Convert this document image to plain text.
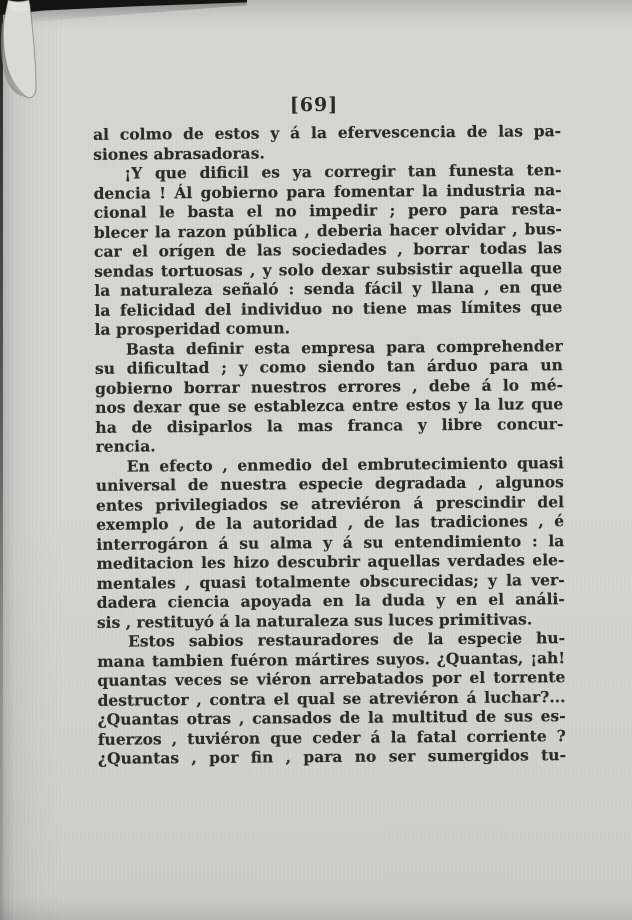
[69]
al colmo de estos y á la efervescencia de las pa-
siones abrasadoras.
¡Y que dificil es ya corregir tan funesta ten-
dencia ! Ál gobierno para fomentar la industria na-
cional le basta el no impedir ; pero para resta-
blecer la razon pública , deberia hacer olvidar , bus-
car el orígen de las sociedades , borrar todas las
sendas tortuosas , y solo dexar subsistir aquella que
la naturaleza señaló : senda fácil y llana , en que
la felicidad del individuo no tiene mas límites que
la prosperidad comun.
Basta definir esta empresa para comprehender
su dificultad ; y como siendo tan árduo para un
gobierno borrar nuestros errores , debe á lo mé-
nos dexar que se establezca entre estos y la luz que
ha de disiparlos la mas franca y libre concur-
rencia.
En efecto , enmedio del embrutecimiento quasi
universal de nuestra especie degradada , algunos
entes privilegiados se atreviéron á prescindir del
exemplo , de la autoridad , de las tradiciones , é
interrogáron á su alma y á su entendimiento : la
meditacion les hizo descubrir aquellas verdades ele-
mentales , quasi totalmente obscurecidas; y la ver-
dadera ciencia apoyada en la duda y en el análi-
sis , restituyó á la naturaleza sus luces primitivas.
Estos sabios restauradores de la especie hu-
mana tambien fuéron mártires suyos. ¿Quantas, ¡ah!
quantas veces se viéron arrebatados por el torrente
destructor , contra el qual se atreviéron á luchar?...
¿Quantas otras , cansados de la multitud de sus es-
fuerzos , tuviéron que ceder á la fatal corriente ?
¿Quantas , por fin , para no ser sumergidos tu-
